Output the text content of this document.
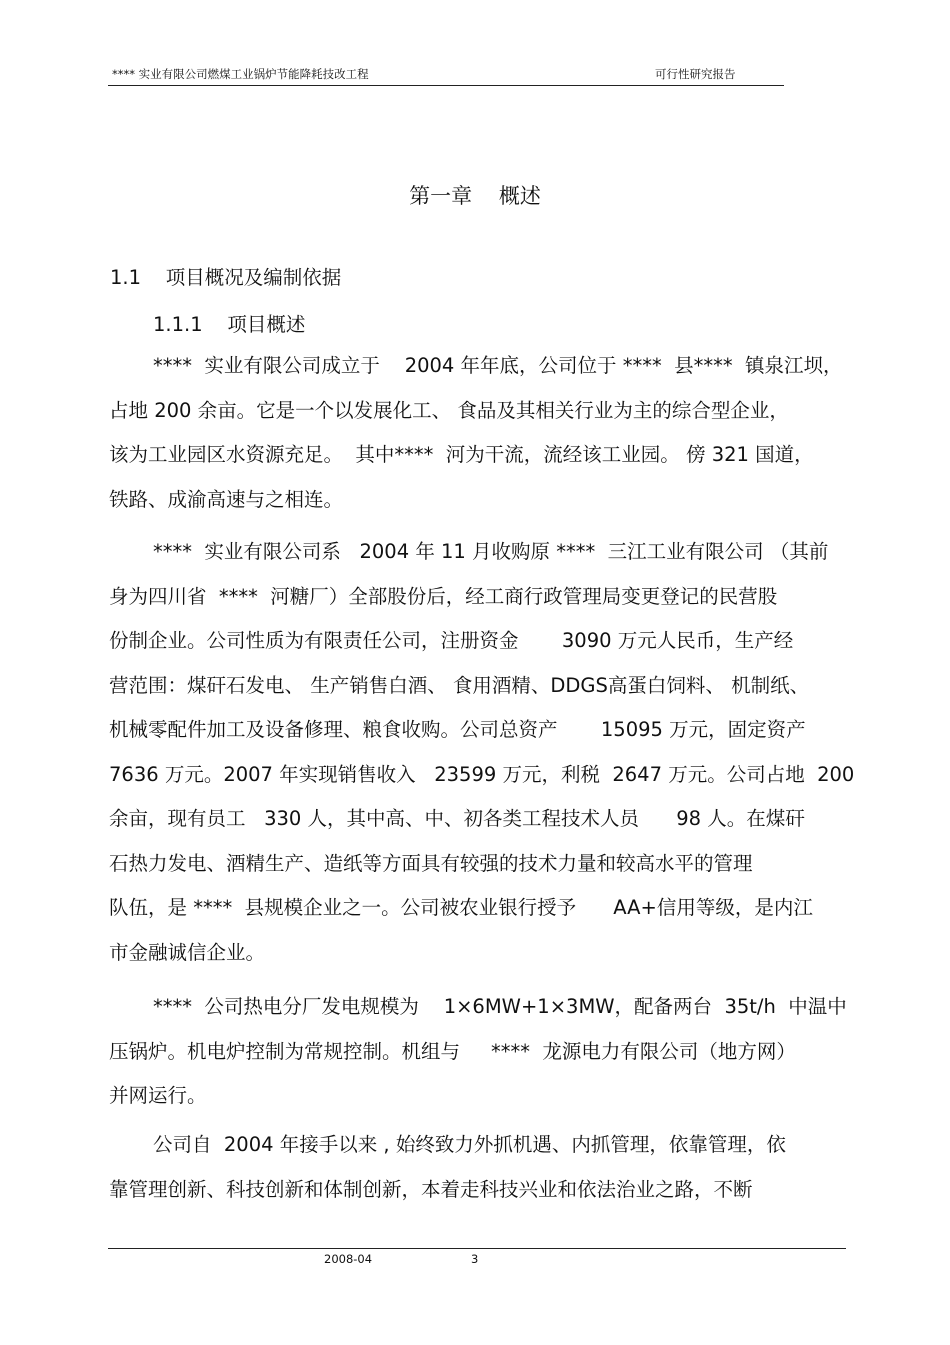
**** 实业有限公司燃煤工业锅炉节能降耗技改工程	可行性研究报告
第一章    概述
1.1    项目概况及编制依据
1.1.1    项目概述
****  实业有限公司成立于    2004 年年底，公司位于 ****  县****  镇泉江坝，
占地 200 余亩。它是一个以发展化工、 食品及其相关行业为主的综合型企业，
该为工业园区水资源充足。  其中****  河为干流，流经该工业园。 傍 321 国道，
铁路、成渝高速与之相连。
****  实业有限公司系   2004 年 11 月收购原 ****  三江工业有限公司 （其前
身为四川省  ****  河糖厂）全部股份后，经工商行政管理局变更登记的民营股
份制企业。公司性质为有限责任公司，注册资金       3090 万元人民币，生产经
营范围：煤矸石发电、 生产销售白酒、 食用酒精、DDGS高蛋白饲料、 机制纸、
机械零配件加工及设备修理、粮食收购。公司总资产       15095 万元，固定资产
7636 万元。2007 年实现销售收入   23599 万元，利税  2647 万元。公司占地  200
余亩，现有员工   330 人，其中高、中、初各类工程技术人员      98 人。在煤矸
石热力发电、酒精生产、造纸等方面具有较强的技术力量和较高水平的管理
队伍，是 ****  县规模企业之一。公司被农业银行授予      AA+信用等级，是内江
市金融诚信企业。
****  公司热电分厂发电规模为    1×6MW+1×3MW，配备两台  35t/h  中温中
压锅炉。机电炉控制为常规控制。机组与     ****  龙源电力有限公司（地方网）
并网运行。
公司自  2004 年接手以来 , 始终致力外抓机遇、内抓管理，依靠管理，依
靠管理创新、科技创新和体制创新，本着走科技兴业和依法治业之路，不断
2008-04	3
